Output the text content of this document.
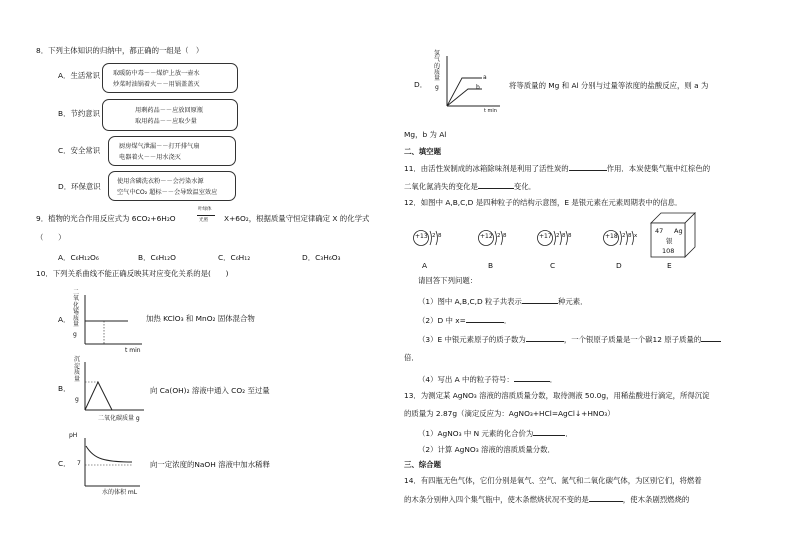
8．下列主体知识的归纳中，都正确的一组是（　）
A．生活常识 取暖防中毒－－煤炉上放一壶水
炒菜时油锅着火－－用锅盖盖灭
B．节约意识	用剩药品－－应放回原瓶
取用药品－－应取少量
C．安全常识	厨房煤气泄漏－－打开排气扇
电器着火－－用水浇灭
D．环保意识
使用含磷洗衣粉－－会污染水源
空气中CO₂ 超标－－会导致温室效应
9．植物的光合作用反应式为 6CO₂+6H₂O
叶绿体
光照 X+6O₂，根据质量守恒定律确定 X 的化学式
（　　）
A．C₆H₁₂O₆	B．C₆H₁₂O	C．C₆H₁₂	D．C₃H₆O₃
10．下列关系曲线不能正确反映其对应变化关系的是(　　)
A．
二
氧
化
锰
质
量
g
t min
加热 KClO₃ 和 MnO₂ 固体混合物
B．
沉
淀
质
量
g
二氧化碳质量 g
向 Ca(OH)₂ 溶液中通入 CO₂ 至过量
C．
pH
7
水的体积 mL
向一定浓度的NaOH 溶液中加水稀释
D．
氢
气
的
质
量
g
a
b
t min
将等质量的 Mg 和 Al 分别与过量等浓度的盐酸反应，则 a 为
Mg，b 为 Al
二、填空题
11．由活性炭制成的冰箱除味剂是利用了活性炭的	作用．本炭使集气瓶中红棕色的
二氧化氮消失的变化是	变化．
12．如图中 A,B,C,D 是四种粒子的结构示意图，E 是银元素在元素周期表中的信息．
+13 2 8
A
+12 2 8
B
+17 2 8 8
C
+18 2 8 x
D
47 Ag
银
108
E
请回答下列问题：
（1）图中 A,B,C,D 粒子共表示	种元素．
（2）D 中 x=	．
（3）E 中银元素原子的质子数为	，一个银原子质量是一个碳12 原子质量的
倍．
（4）写出 A 中的粒子符号：	．
13．为测定某 AgNO₃ 溶液的溶质质量分数，取待测液 50.0g，用稀盐酸进行滴定，所得沉淀
的质量为 2.87g（滴定反应为：AgNO₃+HCl=AgCl↓+HNO₃）
（1）AgNO₃ 中 N 元素的化合价为	．
（2）计算 AgNO₃ 溶液的溶质质量分数．
三、综合题
14．有四瓶无色气体，它们分别是氧气、空气、氮气和二氧化碳气体，为区别它们，将燃着
的木条分别伸入四个集气瓶中，使木条燃烧状况不变的是	，使木条剧烈燃烧的
